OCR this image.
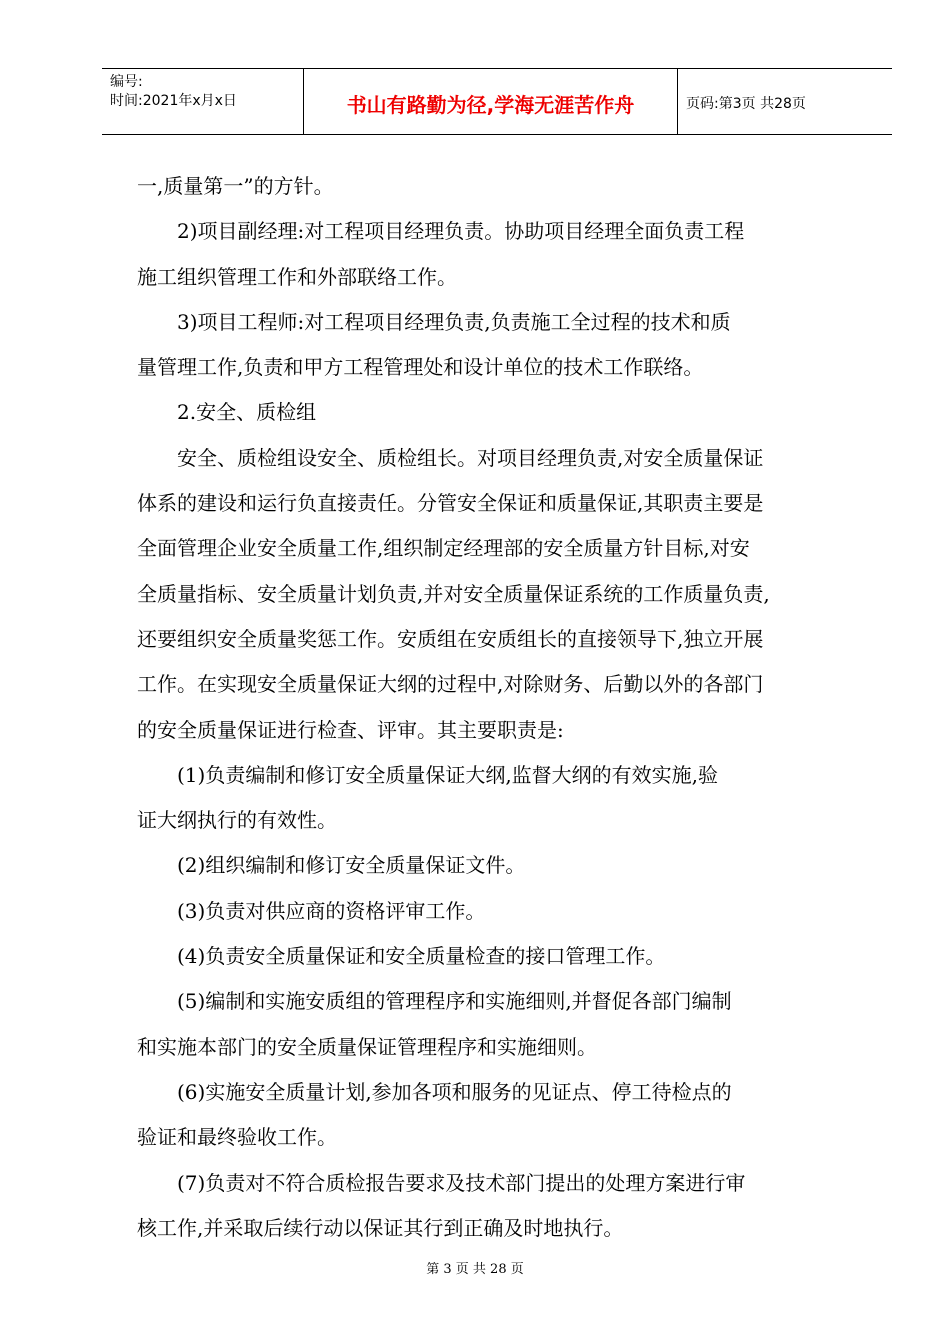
编号:
时间:2021年x月x日	书山有路勤为径,学海无涯苦作舟	页码:第3页 共28页

一,质量第一”的方针。

　　2)项目副经理:对工程项目经理负责。协助项目经理全面负责工程

施工组织管理工作和外部联络工作。

　　3)项目工程师:对工程项目经理负责,负责施工全过程的技术和质

量管理工作,负责和甲方工程管理处和设计单位的技术工作联络。

　　2.安全、质检组

　　安全、质检组设安全、质检组长。对项目经理负责,对安全质量保证

体系的建设和运行负直接责任。分管安全保证和质量保证,其职责主要是

全面管理企业安全质量工作,组织制定经理部的安全质量方针目标,对安

全质量指标、安全质量计划负责,并对安全质量保证系统的工作质量负责,

还要组织安全质量奖惩工作。安质组在安质组长的直接领导下,独立开展

工作。在实现安全质量保证大纲的过程中,对除财务、后勤以外的各部门

的安全质量保证进行检查、评审。其主要职责是:

　　(1)负责编制和修订安全质量保证大纲,监督大纲的有效实施,验

证大纲执行的有效性。

　　(2)组织编制和修订安全质量保证文件。

　　(3)负责对供应商的资格评审工作。

　　(4)负责安全质量保证和安全质量检查的接口管理工作。

　　(5)编制和实施安质组的管理程序和实施细则,并督促各部门编制

和实施本部门的安全质量保证管理程序和实施细则。

　　(6)实施安全质量计划,参加各项和服务的见证点、停工待检点的

验证和最终验收工作。

　　(7)负责对不符合质检报告要求及技术部门提出的处理方案进行审

核工作,并采取后续行动以保证其行到正确及时地执行。

第 3 页 共 28 页
